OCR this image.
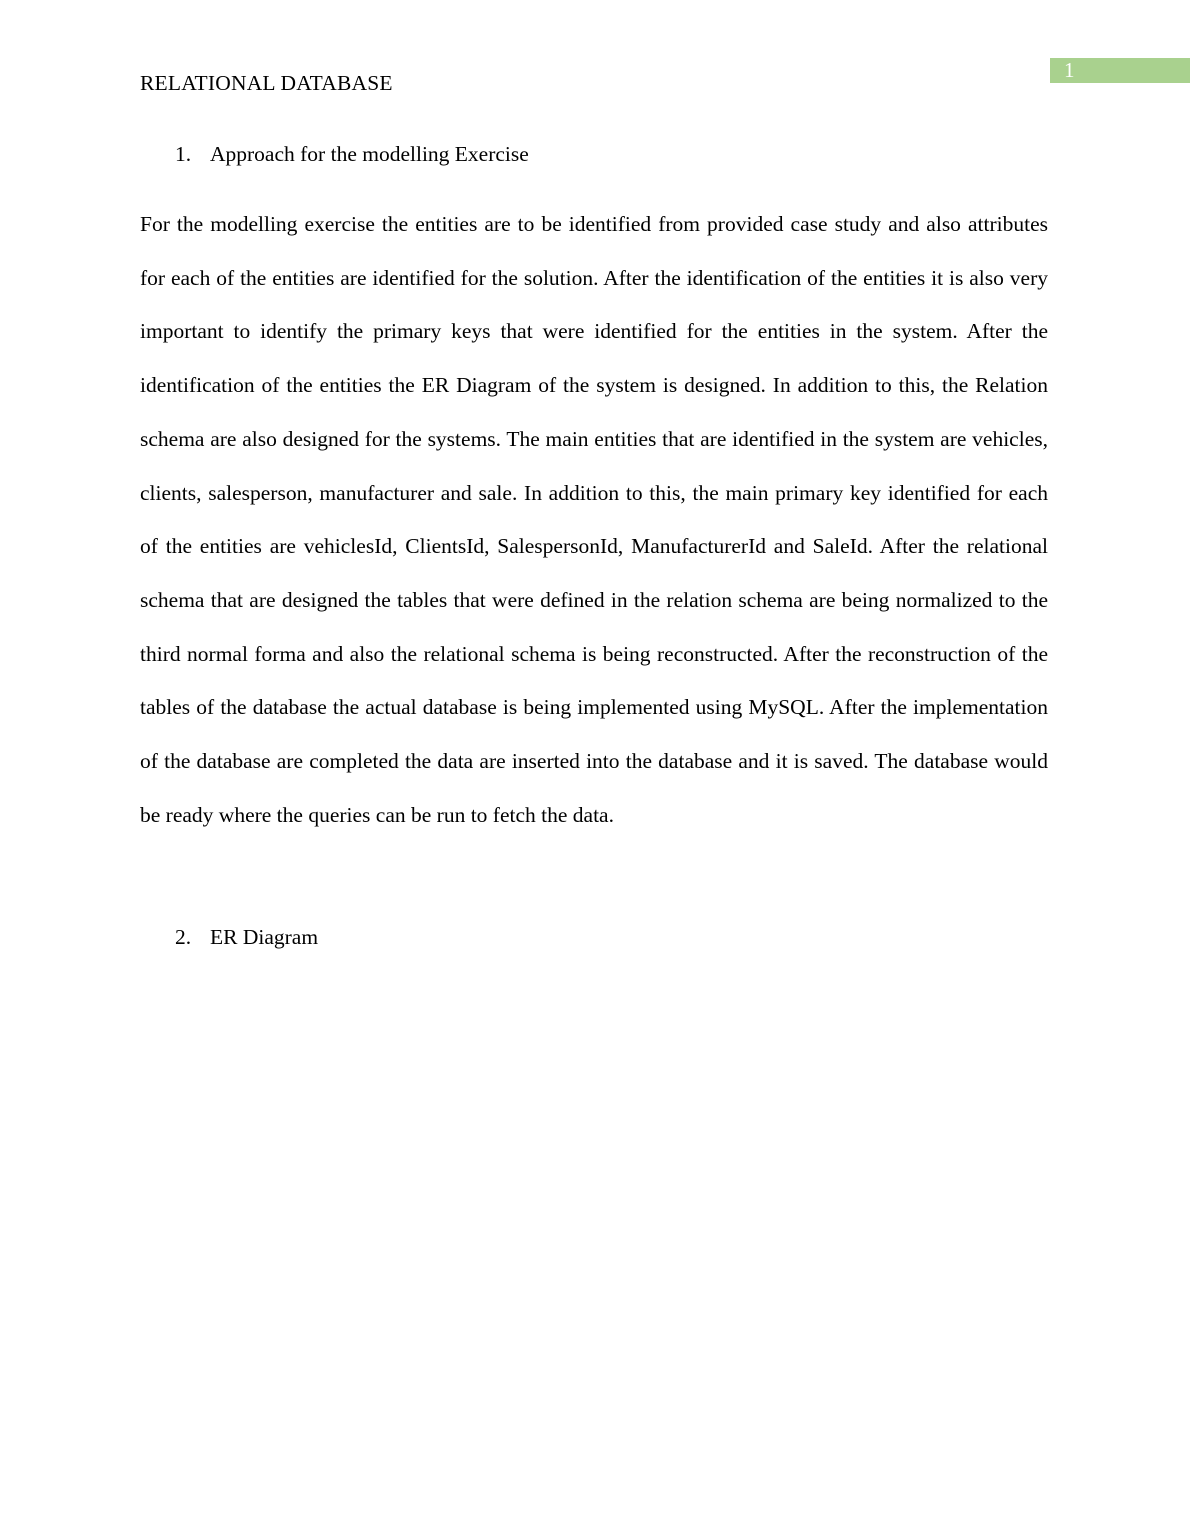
1
RELATIONAL DATABASE
1. Approach for the modelling Exercise

For the modelling exercise the entities are to be identified from provided case study and also attributes for each of the entities are identified for the solution. After the identification of the entities it is also very important to identify the primary keys that were identified for the entities in the system. After the identification of the entities the ER Diagram of the system is designed. In addition to this, the Relation schema are also designed for the systems. The main entities that are identified in the system are vehicles, clients, salesperson, manufacturer and sale. In addition to this, the main primary key identified for each of the entities are vehiclesId, ClientsId, SalespersonId, ManufacturerId and SaleId. After the relational schema that are designed the tables that were defined in the relation schema are being normalized to the third normal forma and also the relational schema is being reconstructed. After the reconstruction of the tables of the database the actual database is being implemented using MySQL. After the implementation of the database are completed the data are inserted into the database and it is saved. The database would be ready where the queries can be run to fetch the data.

2. ER Diagram
